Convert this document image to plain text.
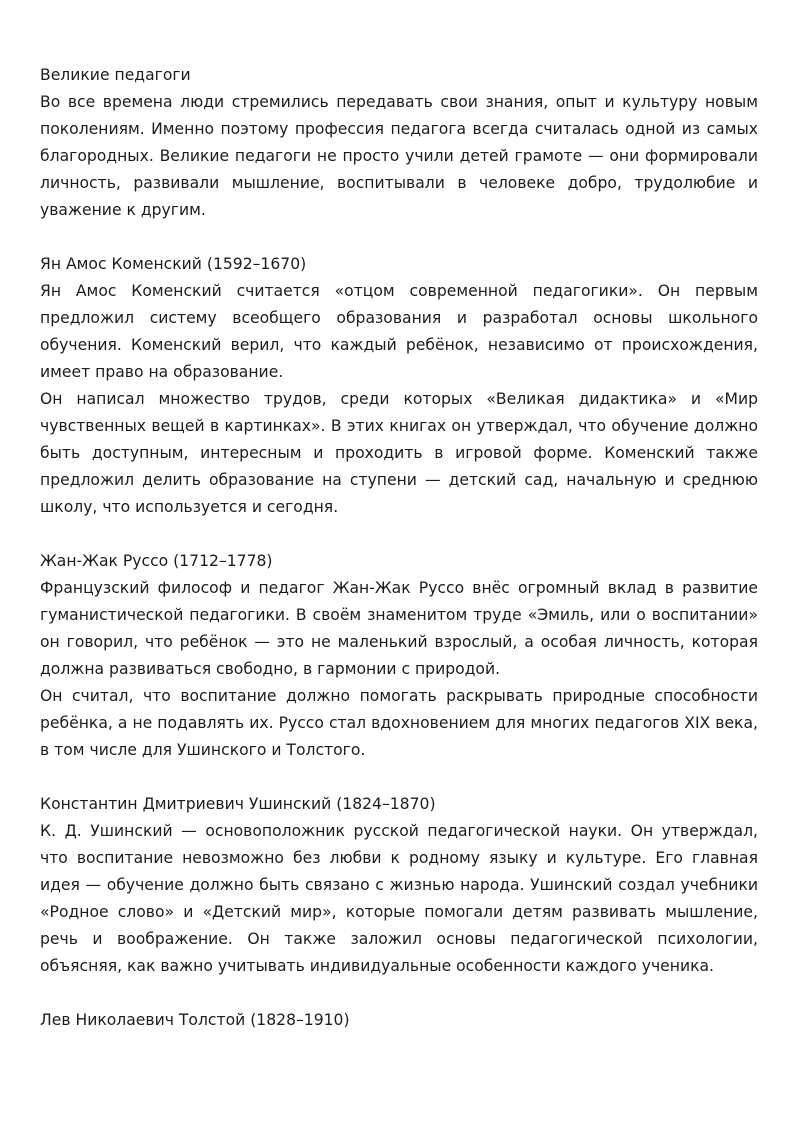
Великие педагоги

Во все времена люди стремились передавать свои знания, опыт и культуру новым поколениям. Именно поэтому профессия педагога всегда считалась одной из самых благородных. Великие педагоги не просто учили детей грамоте — они формировали личность, развивали мышление, воспитывали в человеке добро, трудолюбие и уважение к другим.

Ян Амос Коменский (1592–1670)

Ян Амос Коменский считается «отцом современной педагогики». Он первым предложил систему всеобщего образования и разработал основы школьного обучения. Коменский верил, что каждый ребёнок, независимо от происхождения, имеет право на образование.

Он написал множество трудов, среди которых «Великая дидактика» и «Мир чувственных вещей в картинках». В этих книгах он утверждал, что обучение должно быть доступным, интересным и проходить в игровой форме. Коменский также предложил делить образование на ступени — детский сад, начальную и среднюю школу, что используется и сегодня.

Жан-Жак Руссо (1712–1778)

Французский философ и педагог Жан-Жак Руссо внёс огромный вклад в развитие гуманистической педагогики. В своём знаменитом труде «Эмиль, или о воспитании» он говорил, что ребёнок — это не маленький взрослый, а особая личность, которая должна развиваться свободно, в гармонии с природой.

Он считал, что воспитание должно помогать раскрывать природные способности ребёнка, а не подавлять их. Руссо стал вдохновением для многих педагогов XIX века, в том числе для Ушинского и Толстого.

Константин Дмитриевич Ушинский (1824–1870)

К. Д. Ушинский — основоположник русской педагогической науки. Он утверждал, что воспитание невозможно без любви к родному языку и культуре. Его главная идея — обучение должно быть связано с жизнью народа. Ушинский создал учебники «Родное слово» и «Детский мир», которые помогали детям развивать мышление, речь и воображение. Он также заложил основы педагогической психологии, объясняя, как важно учитывать индивидуальные особенности каждого ученика.

Лев Николаевич Толстой (1828–1910)
